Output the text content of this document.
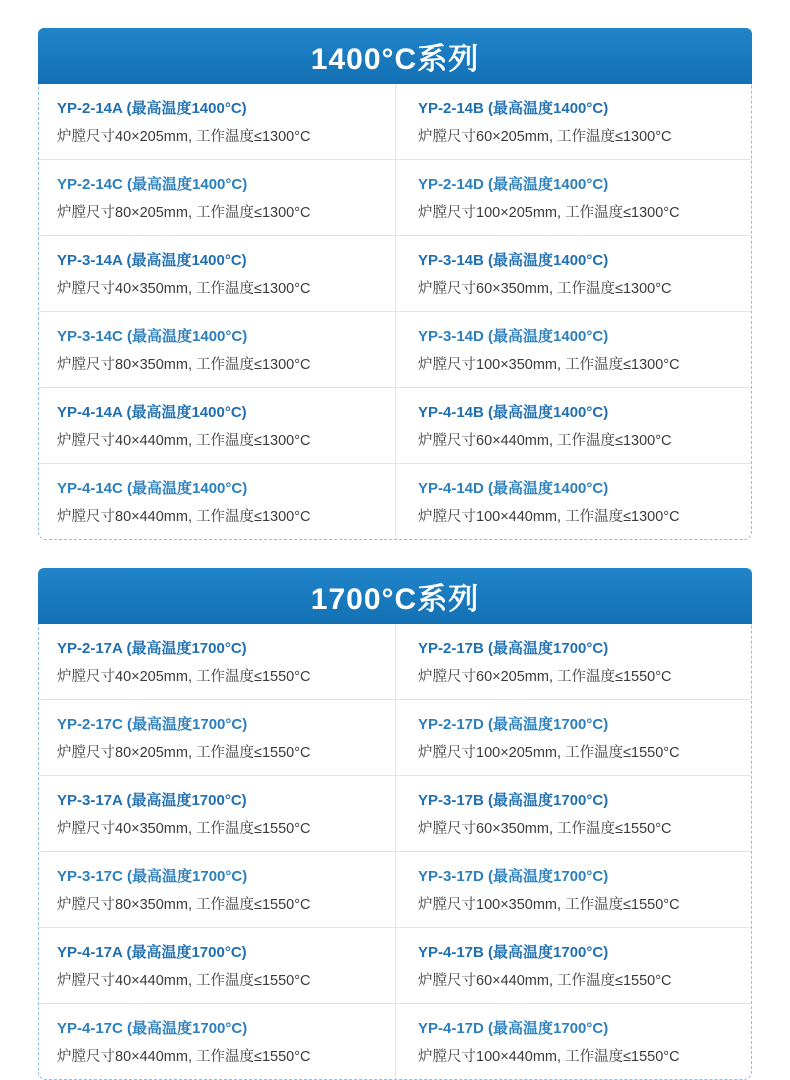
1400°C系列
YP-2-14A (最高温度1400°C)
炉膛尺寸40×205mm, 工作温度≤1300°C
YP-2-14B (最高温度1400°C)
炉膛尺寸60×205mm, 工作温度≤1300°C
YP-2-14C (最高温度1400°C)
炉膛尺寸80×205mm, 工作温度≤1300°C
YP-2-14D (最高温度1400°C)
炉膛尺寸100×205mm, 工作温度≤1300°C
YP-3-14A (最高温度1400°C)
炉膛尺寸40×350mm, 工作温度≤1300°C
YP-3-14B (最高温度1400°C)
炉膛尺寸60×350mm, 工作温度≤1300°C
YP-3-14C (最高温度1400°C)
炉膛尺寸80×350mm, 工作温度≤1300°C
YP-3-14D (最高温度1400°C)
炉膛尺寸100×350mm, 工作温度≤1300°C
YP-4-14A (最高温度1400°C)
炉膛尺寸40×440mm, 工作温度≤1300°C
YP-4-14B (最高温度1400°C)
炉膛尺寸60×440mm, 工作温度≤1300°C
YP-4-14C (最高温度1400°C)
炉膛尺寸80×440mm, 工作温度≤1300°C
YP-4-14D (最高温度1400°C)
炉膛尺寸100×440mm, 工作温度≤1300°C
1700°C系列
YP-2-17A (最高温度1700°C)
炉膛尺寸40×205mm, 工作温度≤1550°C
YP-2-17B (最高温度1700°C)
炉膛尺寸60×205mm, 工作温度≤1550°C
YP-2-17C (最高温度1700°C)
炉膛尺寸80×205mm, 工作温度≤1550°C
YP-2-17D (最高温度1700°C)
炉膛尺寸100×205mm, 工作温度≤1550°C
YP-3-17A (最高温度1700°C)
炉膛尺寸40×350mm, 工作温度≤1550°C
YP-3-17B (最高温度1700°C)
炉膛尺寸60×350mm, 工作温度≤1550°C
YP-3-17C (最高温度1700°C)
炉膛尺寸80×350mm, 工作温度≤1550°C
YP-3-17D (最高温度1700°C)
炉膛尺寸100×350mm, 工作温度≤1550°C
YP-4-17A (最高温度1700°C)
炉膛尺寸40×440mm, 工作温度≤1550°C
YP-4-17B (最高温度1700°C)
炉膛尺寸60×440mm, 工作温度≤1550°C
YP-4-17C (最高温度1700°C)
炉膛尺寸80×440mm, 工作温度≤1550°C
YP-4-17D (最高温度1700°C)
炉膛尺寸100×440mm, 工作温度≤1550°C
